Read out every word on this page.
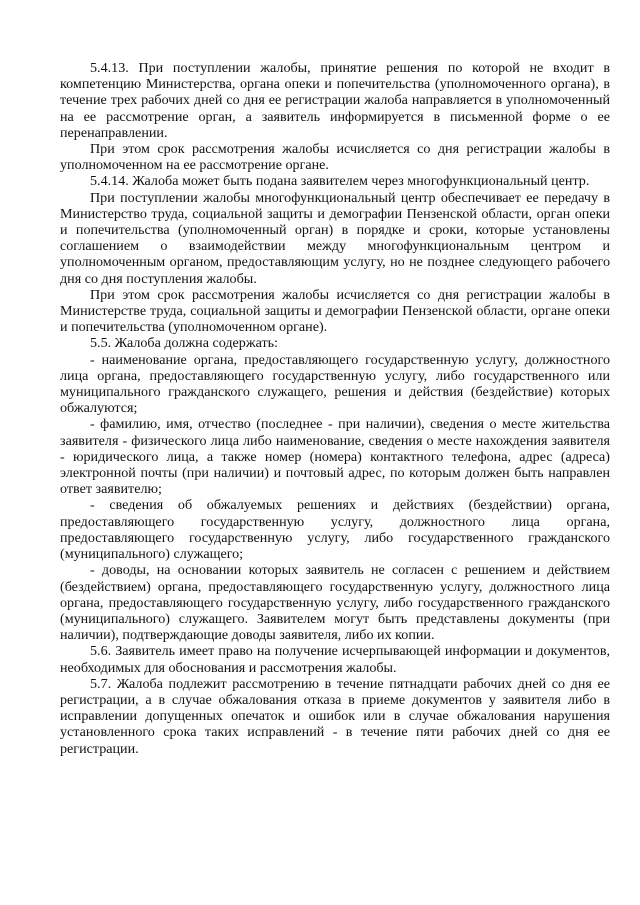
5.4.13. При поступлении жалобы, принятие решения по которой не входит в компетенцию Министерства, органа опеки и попечительства (уполномоченного органа), в течение трех рабочих дней со дня ее регистрации жалоба направляется в уполномоченный на ее рассмотрение орган, а заявитель информируется в письменной форме о ее перенаправлении.

При этом срок рассмотрения жалобы исчисляется со дня регистрации жалобы в уполномоченном на ее рассмотрение органе.

5.4.14. Жалоба может быть подана заявителем через многофункциональный центр.

При поступлении жалобы многофункциональный центр обеспечивает ее передачу в Министерство труда, социальной защиты и демографии Пензенской области, орган опеки и попечительства (уполномоченный орган) в порядке и сроки, которые установлены соглашением о взаимодействии между многофункциональным центром и уполномоченным органом, предоставляющим услугу, но не позднее следующего рабочего дня со дня поступления жалобы.

При этом срок рассмотрения жалобы исчисляется со дня регистрации жалобы в Министерстве труда, социальной защиты и демографии Пензенской области, органе опеки и попечительства (уполномоченном органе).

5.5. Жалоба должна содержать:

- наименование органа, предоставляющего государственную услугу, должностного лица органа, предоставляющего государственную услугу, либо государственного или муниципального гражданского служащего, решения и действия (бездействие) которых обжалуются;

- фамилию, имя, отчество (последнее - при наличии), сведения о месте жительства заявителя - физического лица либо наименование, сведения о месте нахождения заявителя - юридического лица, а также номер (номера) контактного телефона, адрес (адреса) электронной почты (при наличии) и почтовый адрес, по которым должен быть направлен ответ заявителю;

- сведения об обжалуемых решениях и действиях (бездействии) органа, предоставляющего государственную услугу, должностного лица органа, предоставляющего государственную услугу, либо государственного гражданского (муниципального) служащего;

- доводы, на основании которых заявитель не согласен с решением и действием (бездействием) органа, предоставляющего государственную услугу, должностного лица органа, предоставляющего государственную услугу, либо государственного гражданского (муниципального) служащего. Заявителем могут быть представлены документы (при наличии), подтверждающие доводы заявителя, либо их копии.

5.6. Заявитель имеет право на получение исчерпывающей информации и документов, необходимых для обоснования и рассмотрения жалобы.

5.7. Жалоба подлежит рассмотрению в течение пятнадцати рабочих дней со дня ее регистрации, а в случае обжалования отказа в приеме документов у заявителя либо в исправлении допущенных опечаток и ошибок или в случае обжалования нарушения установленного срока таких исправлений - в течение пяти рабочих дней со дня ее регистрации.
